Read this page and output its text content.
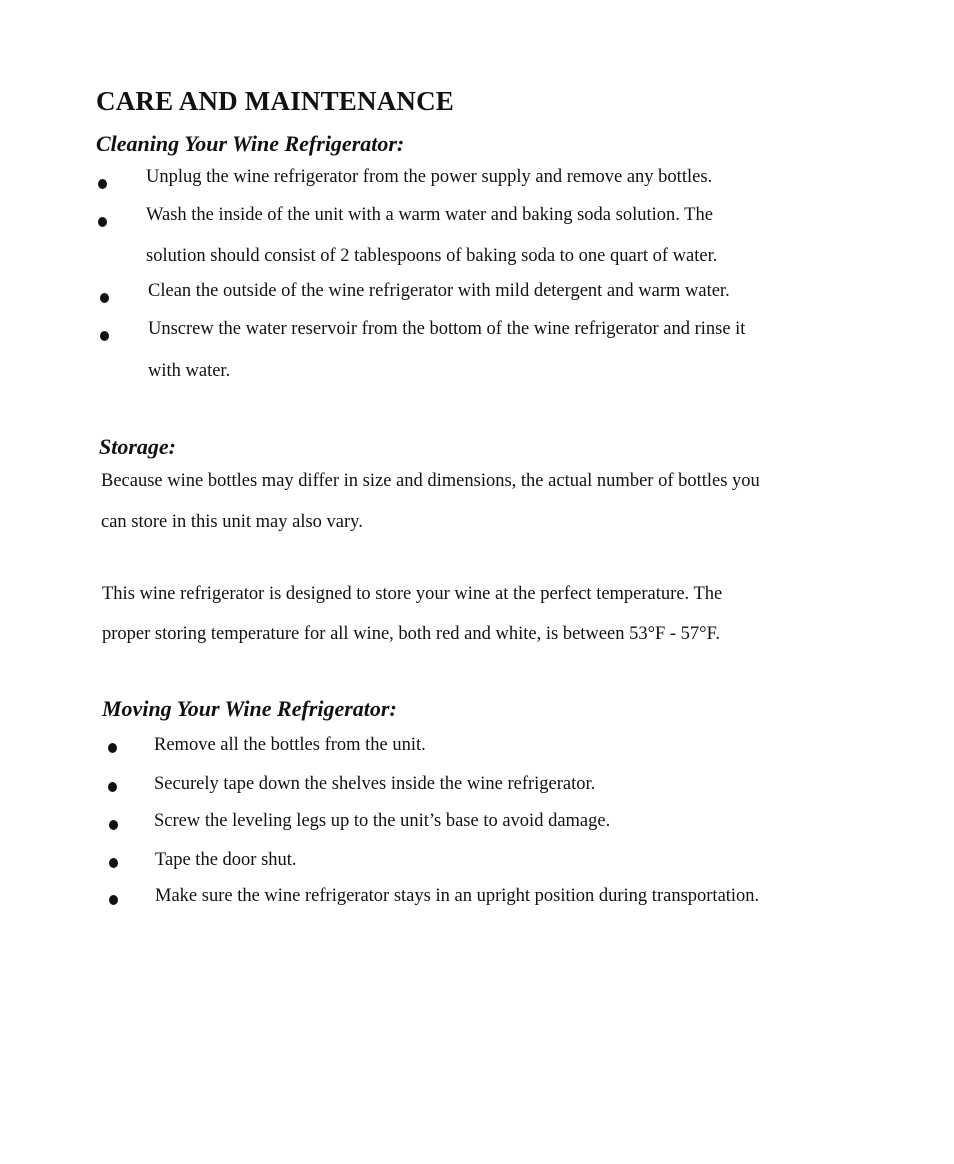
CARE AND MAINTENANCE
Cleaning Your Wine Refrigerator:
Unplug the wine refrigerator from the power supply and remove any bottles.
Wash the inside of the unit with a warm water and baking soda solution. The
solution should consist of 2 tablespoons of baking soda to one quart of water.
Clean the outside of the wine refrigerator with mild detergent and warm water.
Unscrew the water reservoir from the bottom of the wine refrigerator and rinse it
with water.
Storage:

Because wine bottles may differ in size and dimensions, the actual number of bottles you

can store in this unit may also vary.

This wine refrigerator is designed to store your wine at the perfect temperature. The

proper storing temperature for all wine, both red and white, is between 53°F - 57°F.

Moving Your Wine Refrigerator:
Remove all the bottles from the unit.
Securely tape down the shelves inside the wine refrigerator.
Screw the leveling legs up to the unit’s base to avoid damage.
Tape the door shut.
Make sure the wine refrigerator stays in an upright position during transportation.
